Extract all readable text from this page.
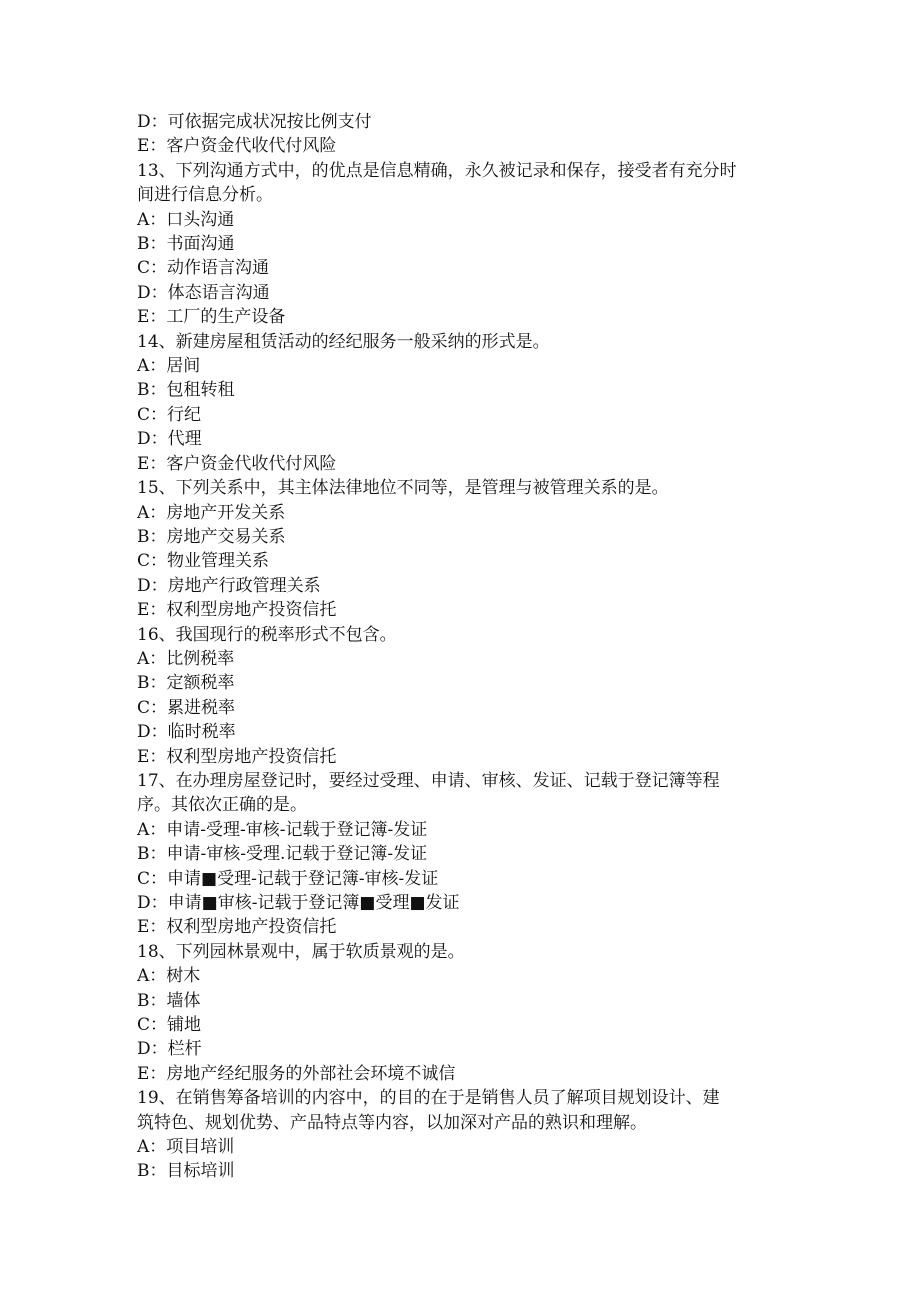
D：可依据完成状况按比例支付
E：客户资金代收代付风险
13、下列沟通方式中，的优点是信息精确，永久被记录和保存，接受者有充分时
间进行信息分析。
A：口头沟通
B：书面沟通
C：动作语言沟通
D：体态语言沟通
E：工厂的生产设备
14、新建房屋租赁活动的经纪服务一般采纳的形式是。
A：居间
B：包租转租
C：行纪
D：代理
E：客户资金代收代付风险
15、下列关系中，其主体法律地位不同等，是管理与被管理关系的是。
A：房地产开发关系
B：房地产交易关系
C：物业管理关系
D：房地产行政管理关系
E：权利型房地产投资信托
16、我国现行的税率形式不包含。
A：比例税率
B：定额税率
C：累进税率
D：临时税率
E：权利型房地产投资信托
17、在办理房屋登记时，要经过受理、申请、审核、发证、记载于登记簿等程
序。其依次正确的是。
A：申请-受理-审核-记载于登记簿-发证
B：申请-审核-受理.记载于登记簿-发证
C：申请■受理-记载于登记簿-审核-发证
D：申请■审核-记载于登记簿■受理■发证
E：权利型房地产投资信托
18、下列园林景观中，属于软质景观的是。
A：树木
B：墙体
C：铺地
D：栏杆
E：房地产经纪服务的外部社会环境不诚信
19、在销售筹备培训的内容中，的目的在于是销售人员了解项目规划设计、建
筑特色、规划优势、产品特点等内容，以加深对产品的熟识和理解。
A：项目培训
B：目标培训
